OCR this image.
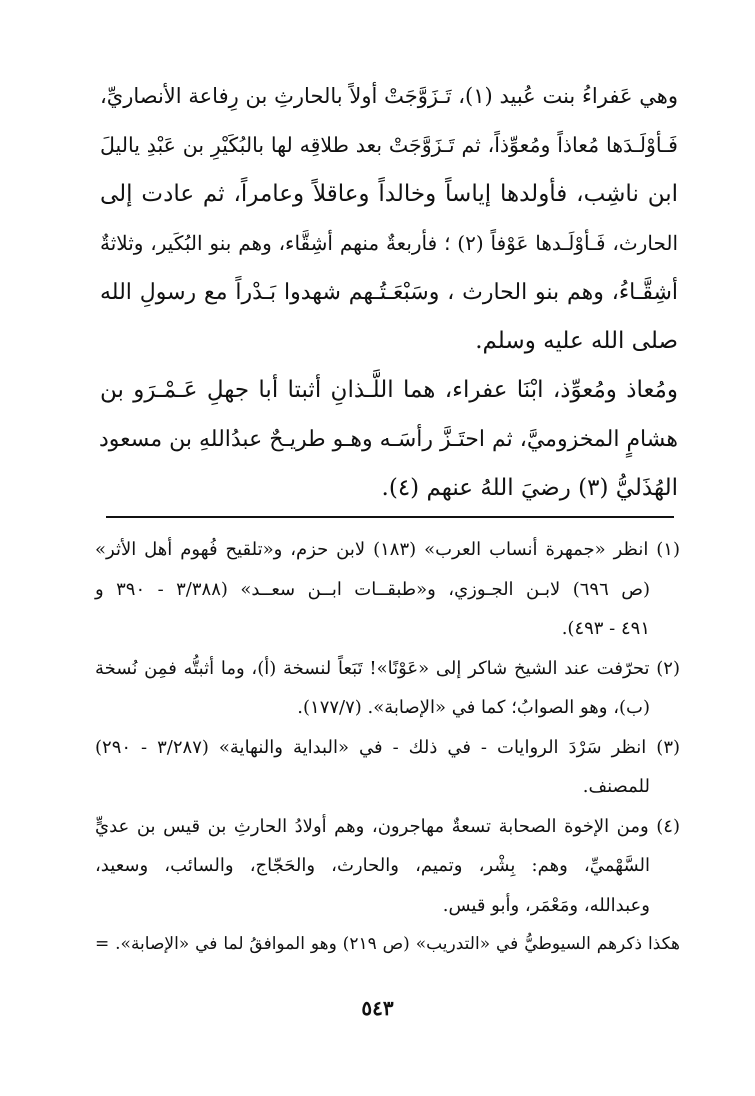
وهي عَفراءُ بنت عُبيد (١)، تَـزَوَّجَتْ أولاً بالحارثِ بن رِفاعة الأنصاريِّ،
فَـأوْلَـدَها مُعاذاً ومُعوِّذاً، ثم تَـزَوَّجَتْ بعد طلاقِه لها بالبُكَيْرِ بن عَبْدِ ياليلَ
ابن ناشِب، فأولدها إياساً وخالداً وعاقلاً وعامراً، ثم عادت إلى
الحارث، فَـأوْلَـدها عَوْفاً (٢) ؛ فأربعةٌ منهم أشِقَّاء، وهم بنو البُكَير، وثلاثةٌ
أشِقَّـاءُ، وهم بنو الحارث ، وسَبْعَـتُـهم شهدوا بَـدْراً مع رسولِ الله
صلى الله عليه وسلم.
ومُعاذ ومُعوِّذ، ابْنَا عفراء، هما اللَّـذانِ أثبتا أبا جهلِ عَـمْـرَو بن
هشامٍ المخزوميَّ، ثم احتَـزَّ رأسَـه وهـو طريـحٌ عبدُاللهِ بن مسعود
الهُذَليُّ (٣) رضيَ اللهُ عنهم (٤).
(١) انظر «جمهرة أنساب العرب» (١٨٣) لابن حزم، و«تلقيح فُهوم أهل الأثر»
(ص ٦٩٦) لابـن الجـوزي، و«طبقــات ابــن سعــد» (٣/٣٨٨ - ٣٩٠ و
٤٩١ - ٤٩٣).
(٢) تحرّفت عند الشيخ شاكر إلى «عَوْنًا»! تَبَعاً لنسخة (أ)، وما أثبتُّه فمِن نُسخة
(ب)، وهو الصوابُ؛ كما في «الإصابة». (١٧٧/٧).
(٣) انظر سَرْدَ الروايات - في ذلك - في «البداية والنهاية» (٣/٢٨٧ - ٢٩٠)
للمصنف.
(٤) ومن الإخوة الصحابة تسعةٌ مهاجرون، وهم أولادُ الحارثِ بن قيس بن عديٍّ
السَّهْميِّ، وهم: بِشْر، وتميم، والحارث، والحَجّاج، والسائب، وسعيد،
وعبدالله، ومَعْمَر، وأبو قيس.
هكذا ذكرهم السيوطيُّ في «التدريب» (ص ٢١٩) وهو الموافقُ لما في «الإصابة». =
٥٤٣
